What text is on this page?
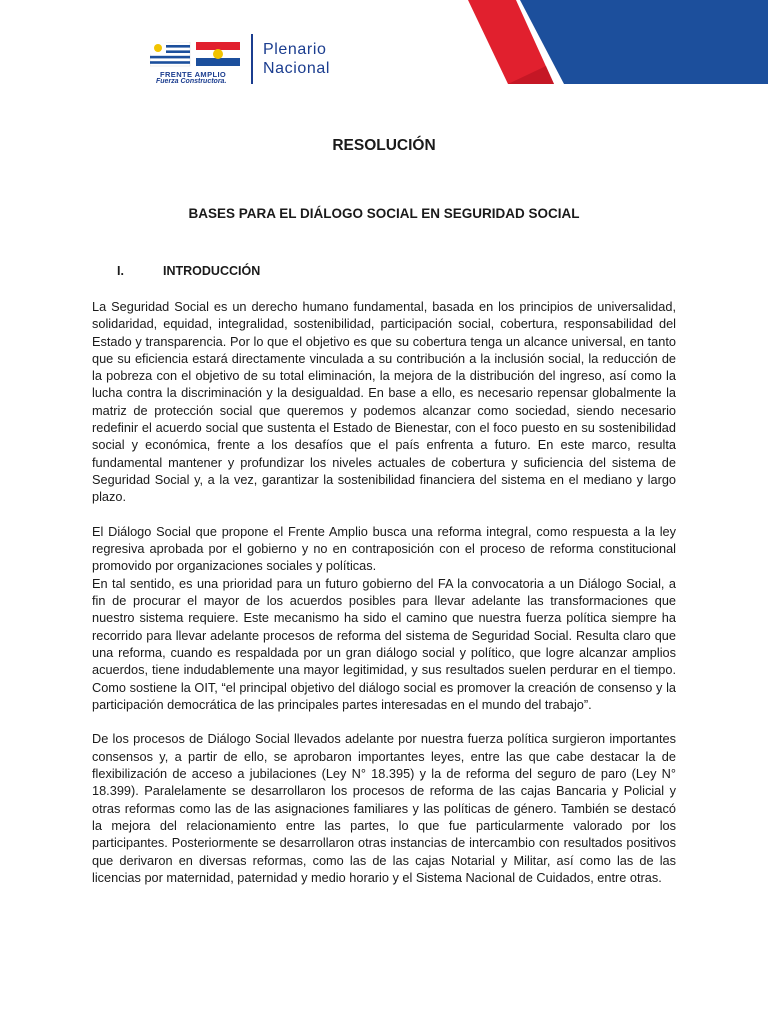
FRENTE AMPLIO
Fuerza Constructora.
Plenario
Nacional
RESOLUCIÓN
BASES PARA EL DIÁLOGO SOCIAL EN SEGURIDAD SOCIAL
I.	INTRODUCCIÓN

La Seguridad Social es un derecho humano fundamental, basada en los principios de universalidad, solidaridad, equidad, integralidad, sostenibilidad, participación social, cobertura, responsabilidad del Estado y transparencia. Por lo que el objetivo es que su cobertura tenga un alcance universal, en tanto que su eficiencia estará directamente vinculada a su contribución a la inclusión social, la reducción de la pobreza con el objetivo de su total eliminación, la mejora de la distribución del ingreso, así como la lucha contra la discriminación y la desigualdad. En base a ello, es necesario repensar globalmente la matriz de protección social que queremos y podemos alcanzar como sociedad, siendo necesario redefinir el acuerdo social que sustenta el Estado de Bienestar, con el foco puesto en su sostenibilidad social y económica, frente a los desafíos que el país enfrenta a futuro. En este marco, resulta fundamental mantener y profundizar los niveles actuales de cobertura y suficiencia del sistema de Seguridad Social y, a la vez, garantizar la sostenibilidad financiera del sistema en el mediano y largo plazo.

El Diálogo Social que propone el Frente Amplio busca una reforma integral, como respuesta a la ley regresiva aprobada por el gobierno y no en contraposición con el proceso de reforma constitucional promovido por organizaciones sociales y políticas.

En tal sentido, es una prioridad para un futuro gobierno del FA la convocatoria a un Diálogo Social, a fin de procurar el mayor de los acuerdos posibles para llevar adelante las transformaciones que nuestro sistema requiere. Este mecanismo ha sido el camino que nuestra fuerza política siempre ha recorrido para llevar adelante procesos de reforma del sistema de Seguridad Social. Resulta claro que una reforma, cuando es respaldada por un gran diálogo social y político, que logre alcanzar amplios acuerdos, tiene indudablemente una mayor legitimidad, y sus resultados suelen perdurar en el tiempo. Como sostiene la OIT, “el principal objetivo del diálogo social es promover la creación de consenso y la participación democrática de las principales partes interesadas en el mundo del trabajo”.

De los procesos de Diálogo Social llevados adelante por nuestra fuerza política surgieron importantes consensos y, a partir de ello, se aprobaron importantes leyes, entre las que cabe destacar la de flexibilización de acceso a jubilaciones (Ley N° 18.395) y la de reforma del seguro de paro (Ley N° 18.399). Paralelamente se desarrollaron los procesos de reforma de las cajas Bancaria y Policial y otras reformas como las de las asignaciones familiares y las políticas de género. También se destacó la mejora del relacionamiento entre las partes, lo que fue particularmente valorado por los participantes. Posteriormente se desarrollaron otras instancias de intercambio con resultados positivos que derivaron en diversas reformas, como las de las cajas Notarial y Militar, así como las de las licencias por maternidad, paternidad y medio horario y el Sistema Nacional de Cuidados, entre otras.
